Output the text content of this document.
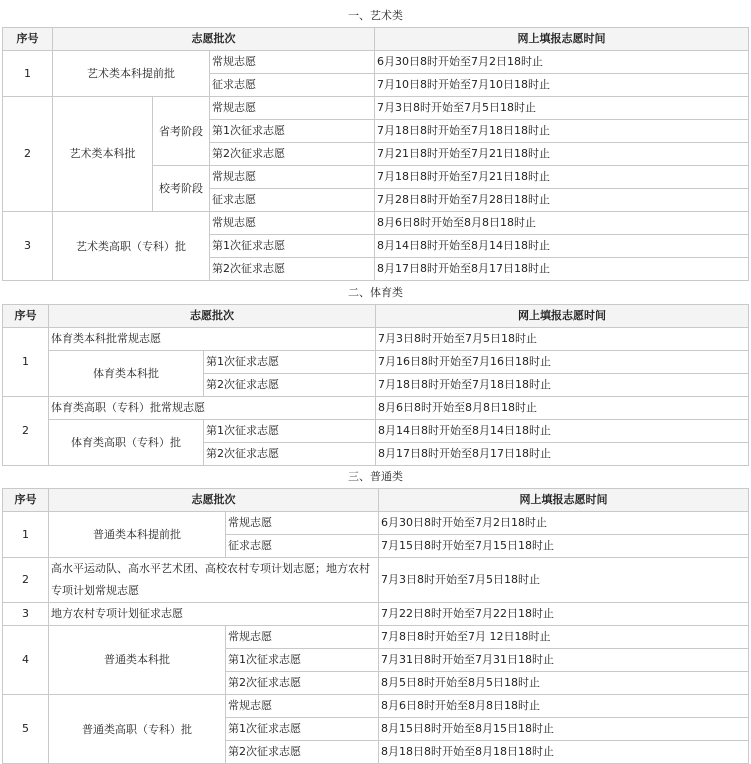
一、艺术类
序号	志愿批次			网上填报志愿时间
1	艺术类本科提前批		常规志愿	6月30日8时开始至7月2日18时止
			征求志愿	7月10日8时开始至7月10日18时止
2	艺术类本科批	省考阶段	常规志愿	7月3日8时开始至7月5日18时止
			第1次征求志愿	7月18日8时开始至7月18日18时止
			第2次征求志愿	7月21日8时开始至7月21日18时止
		校考阶段	常规志愿	7月18日8时开始至7月21日18时止
			征求志愿	7月28日8时开始至7月28日18时止
3	艺术类高职（专科）批		常规志愿	8月6日8时开始至8月8日18时止
			第1次征求志愿	8月14日8时开始至8月14日18时止
			第2次征求志愿	8月17日8时开始至8月17日18时止
二、体育类
序号	志愿批次		网上填报志愿时间
1	体育类本科批常规志愿		7月3日8时开始至7月5日18时止
	体育类本科批	第1次征求志愿	7月16日8时开始至7月16日18时止
		第2次征求志愿	7月18日8时开始至7月18日18时止
2	体育类高职（专科）批常规志愿		8月6日8时开始至8月8日18时止
	体育类高职（专科）批	第1次征求志愿	8月14日8时开始至8月14日18时止
		第2次征求志愿	8月17日8时开始至8月17日18时止
三、普通类
序号	志愿批次		网上填报志愿时间
1	普通类本科提前批	常规志愿	6月30日8时开始至7月2日18时止
		征求志愿	7月15日8时开始至7月15日18时止
2	高水平运动队、高水平艺术团、高校农村专项计划志愿；地方农村专项计划常规志愿		7月3日8时开始至7月5日18时止
3	地方农村专项计划征求志愿		7月22日8时开始至7月22日18时止
4	普通类本科批	常规志愿	7月8日8时开始至7月 12日18时止
		第1次征求志愿	7月31日8时开始至7月31日18时止
		第2次征求志愿	8月5日8时开始至8月5日18时止
5	普通类高职（专科）批	常规志愿	8月6日8时开始至8月8日18时止
		第1次征求志愿	8月15日8时开始至8月15日18时止
		第2次征求志愿	8月18日8时开始至8月18日18时止
